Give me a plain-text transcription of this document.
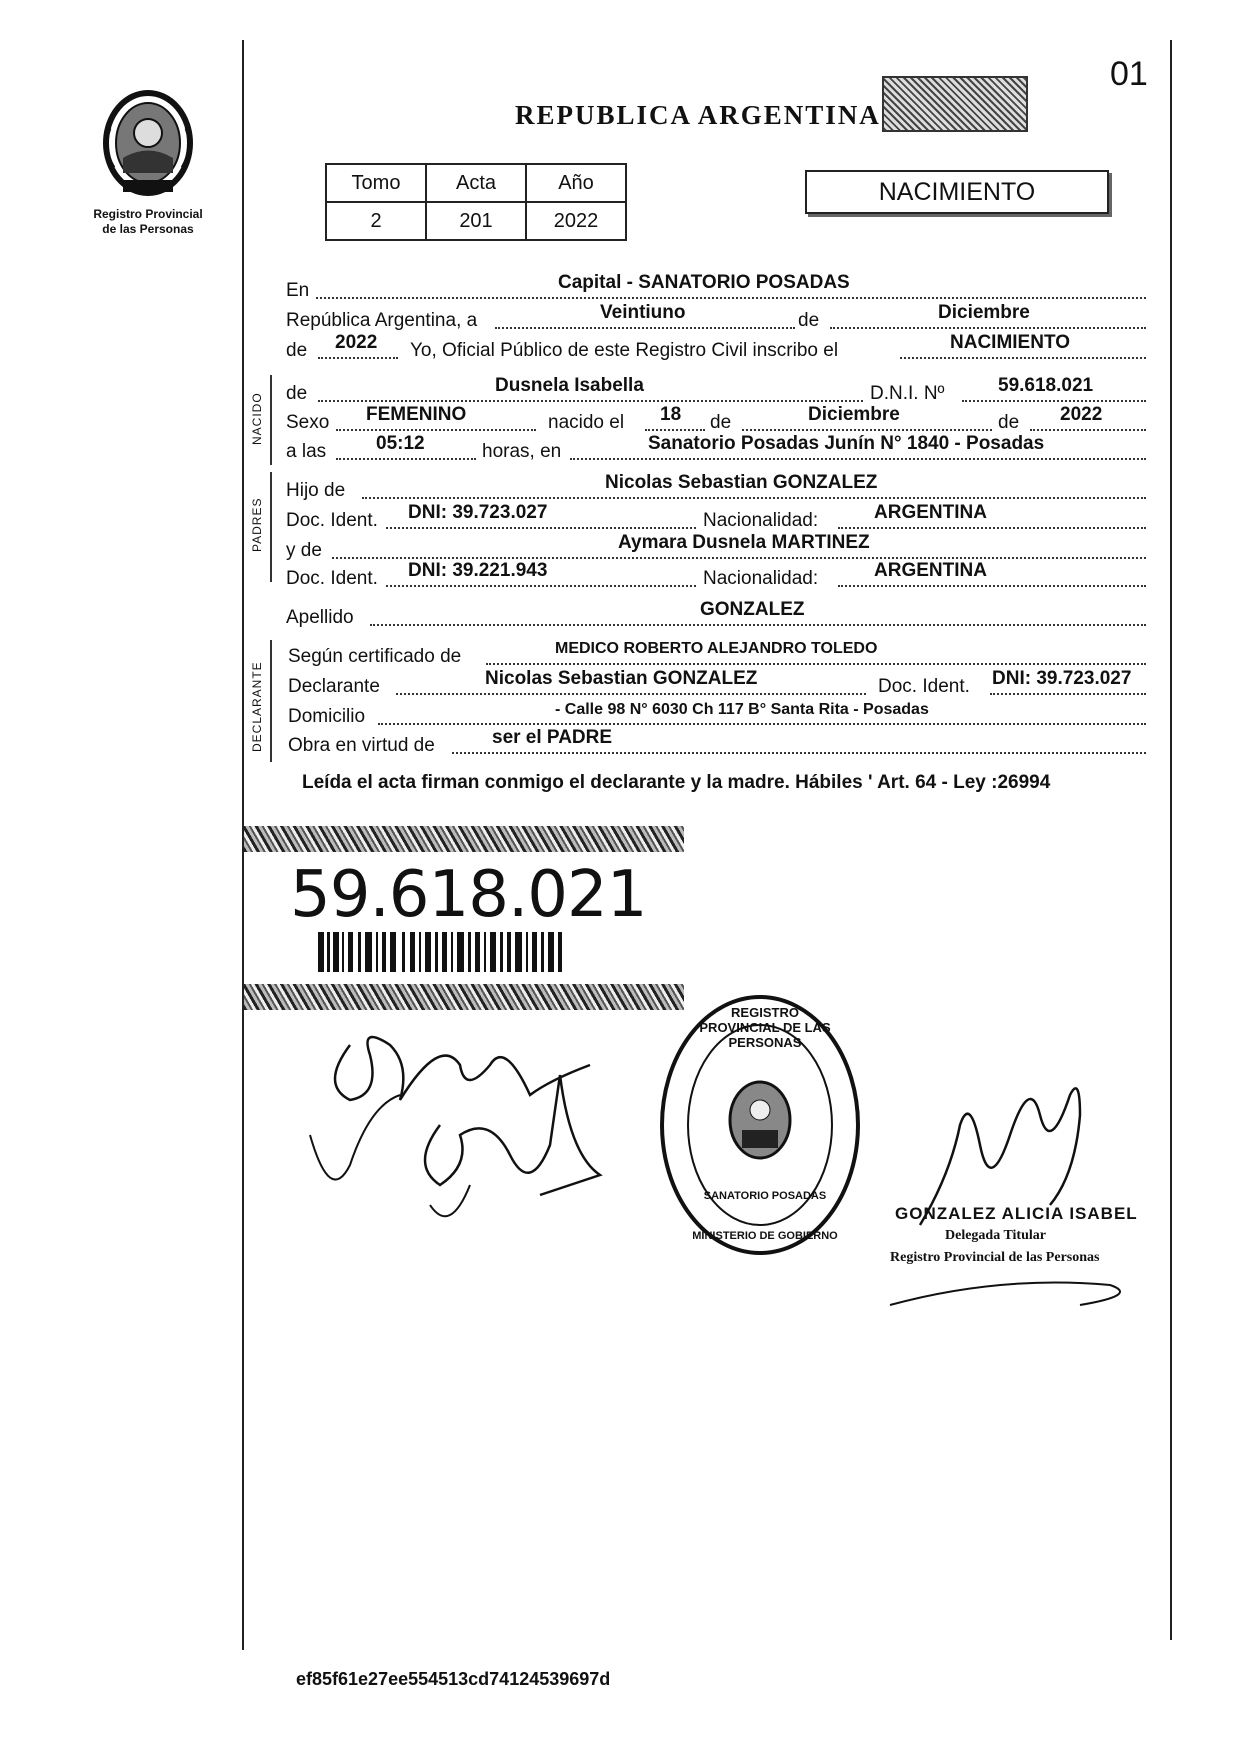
01
Registro Provincial
de las Personas
REPUBLICA ARGENTINA
Tomo	Acta	Año
2	201	2022
NACIMIENTO
En	Capital - SANATORIO POSADAS
República Argentina, a	Veintiuno	de	Diciembre
de 2022 Yo, Oficial Público de este Registro Civil inscribo el	NACIMIENTO
NACIDO de	Dusnela Isabella	D.N.I. Nº	59.618.021
Sexo FEMENINO	nacido el 18 de	Diciembre	de 2022
a las	05:12	horas, en	Sanatorio Posadas Junín N° 1840 - Posadas
PADRES
Hijo de	Nicolas Sebastian GONZALEZ
Doc. Ident. DNI: 39.723.027	Nacionalidad:	ARGENTINA
y de	Aymara Dusnela MARTINEZ
Doc. Ident. DNI: 39.221.943	Nacionalidad:	ARGENTINA
Apellido	GONZALEZ
DECLARANTE
Según certificado de	MEDICO ROBERTO ALEJANDRO TOLEDO
Declarante	Nicolas Sebastian GONZALEZ	Doc. Ident. DNI: 39.723.027
Domicilio	- Calle 98 N° 6030 Ch 117 B° Santa Rita - Posadas
Obra en virtud de	ser el PADRE
Leída el acta firman conmigo el declarante y la madre. Hábiles ' Art. 64 - Ley :26994
59.618.021
REGISTRO PROVINCIAL DE LAS PERSONAS
SANATORIO POSADAS
MINISTERIO DE GOBIERNO
GONZALEZ ALICIA ISABEL
Delegada Titular
Registro Provincial de las Personas
ef85f61e27ee554513cd74124539697d
